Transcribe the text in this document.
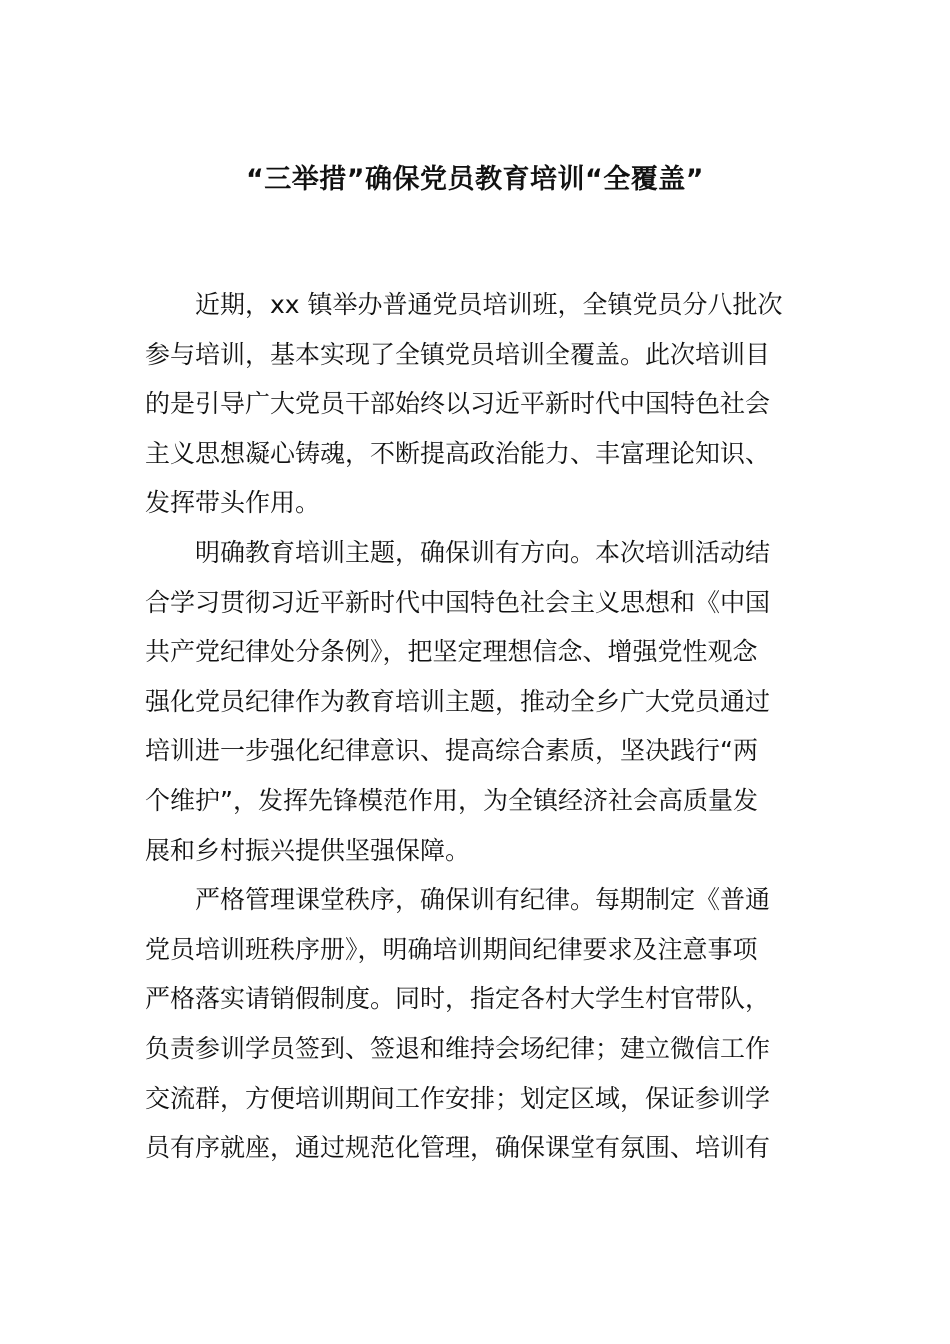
“三举措”确保党员教育培训“全覆盖”
近期，xx 镇举办普通党员培训班，全镇党员分八批次
参与培训，基本实现了全镇党员培训全覆盖。此次培训目
的是引导广大党员干部始终以习近平新时代中国特色社会
主义思想凝心铸魂，不断提高政治能力、丰富理论知识、
发挥带头作用。
明确教育培训主题，确保训有方向。本次培训活动结
合学习贯彻习近平新时代中国特色社会主义思想和《中国
共产党纪律处分条例》，把坚定理想信念、增强党性观念
强化党员纪律作为教育培训主题，推动全乡广大党员通过
培训进一步强化纪律意识、提高综合素质，坚决践行“两
个维护”，发挥先锋模范作用，为全镇经济社会高质量发
展和乡村振兴提供坚强保障。
严格管理课堂秩序，确保训有纪律。每期制定《普通
党员培训班秩序册》，明确培训期间纪律要求及注意事项
严格落实请销假制度。同时，指定各村大学生村官带队，
负责参训学员签到、签退和维持会场纪律；建立微信工作
交流群，方便培训期间工作安排；划定区域，保证参训学
员有序就座，通过规范化管理，确保课堂有氛围、培训有
